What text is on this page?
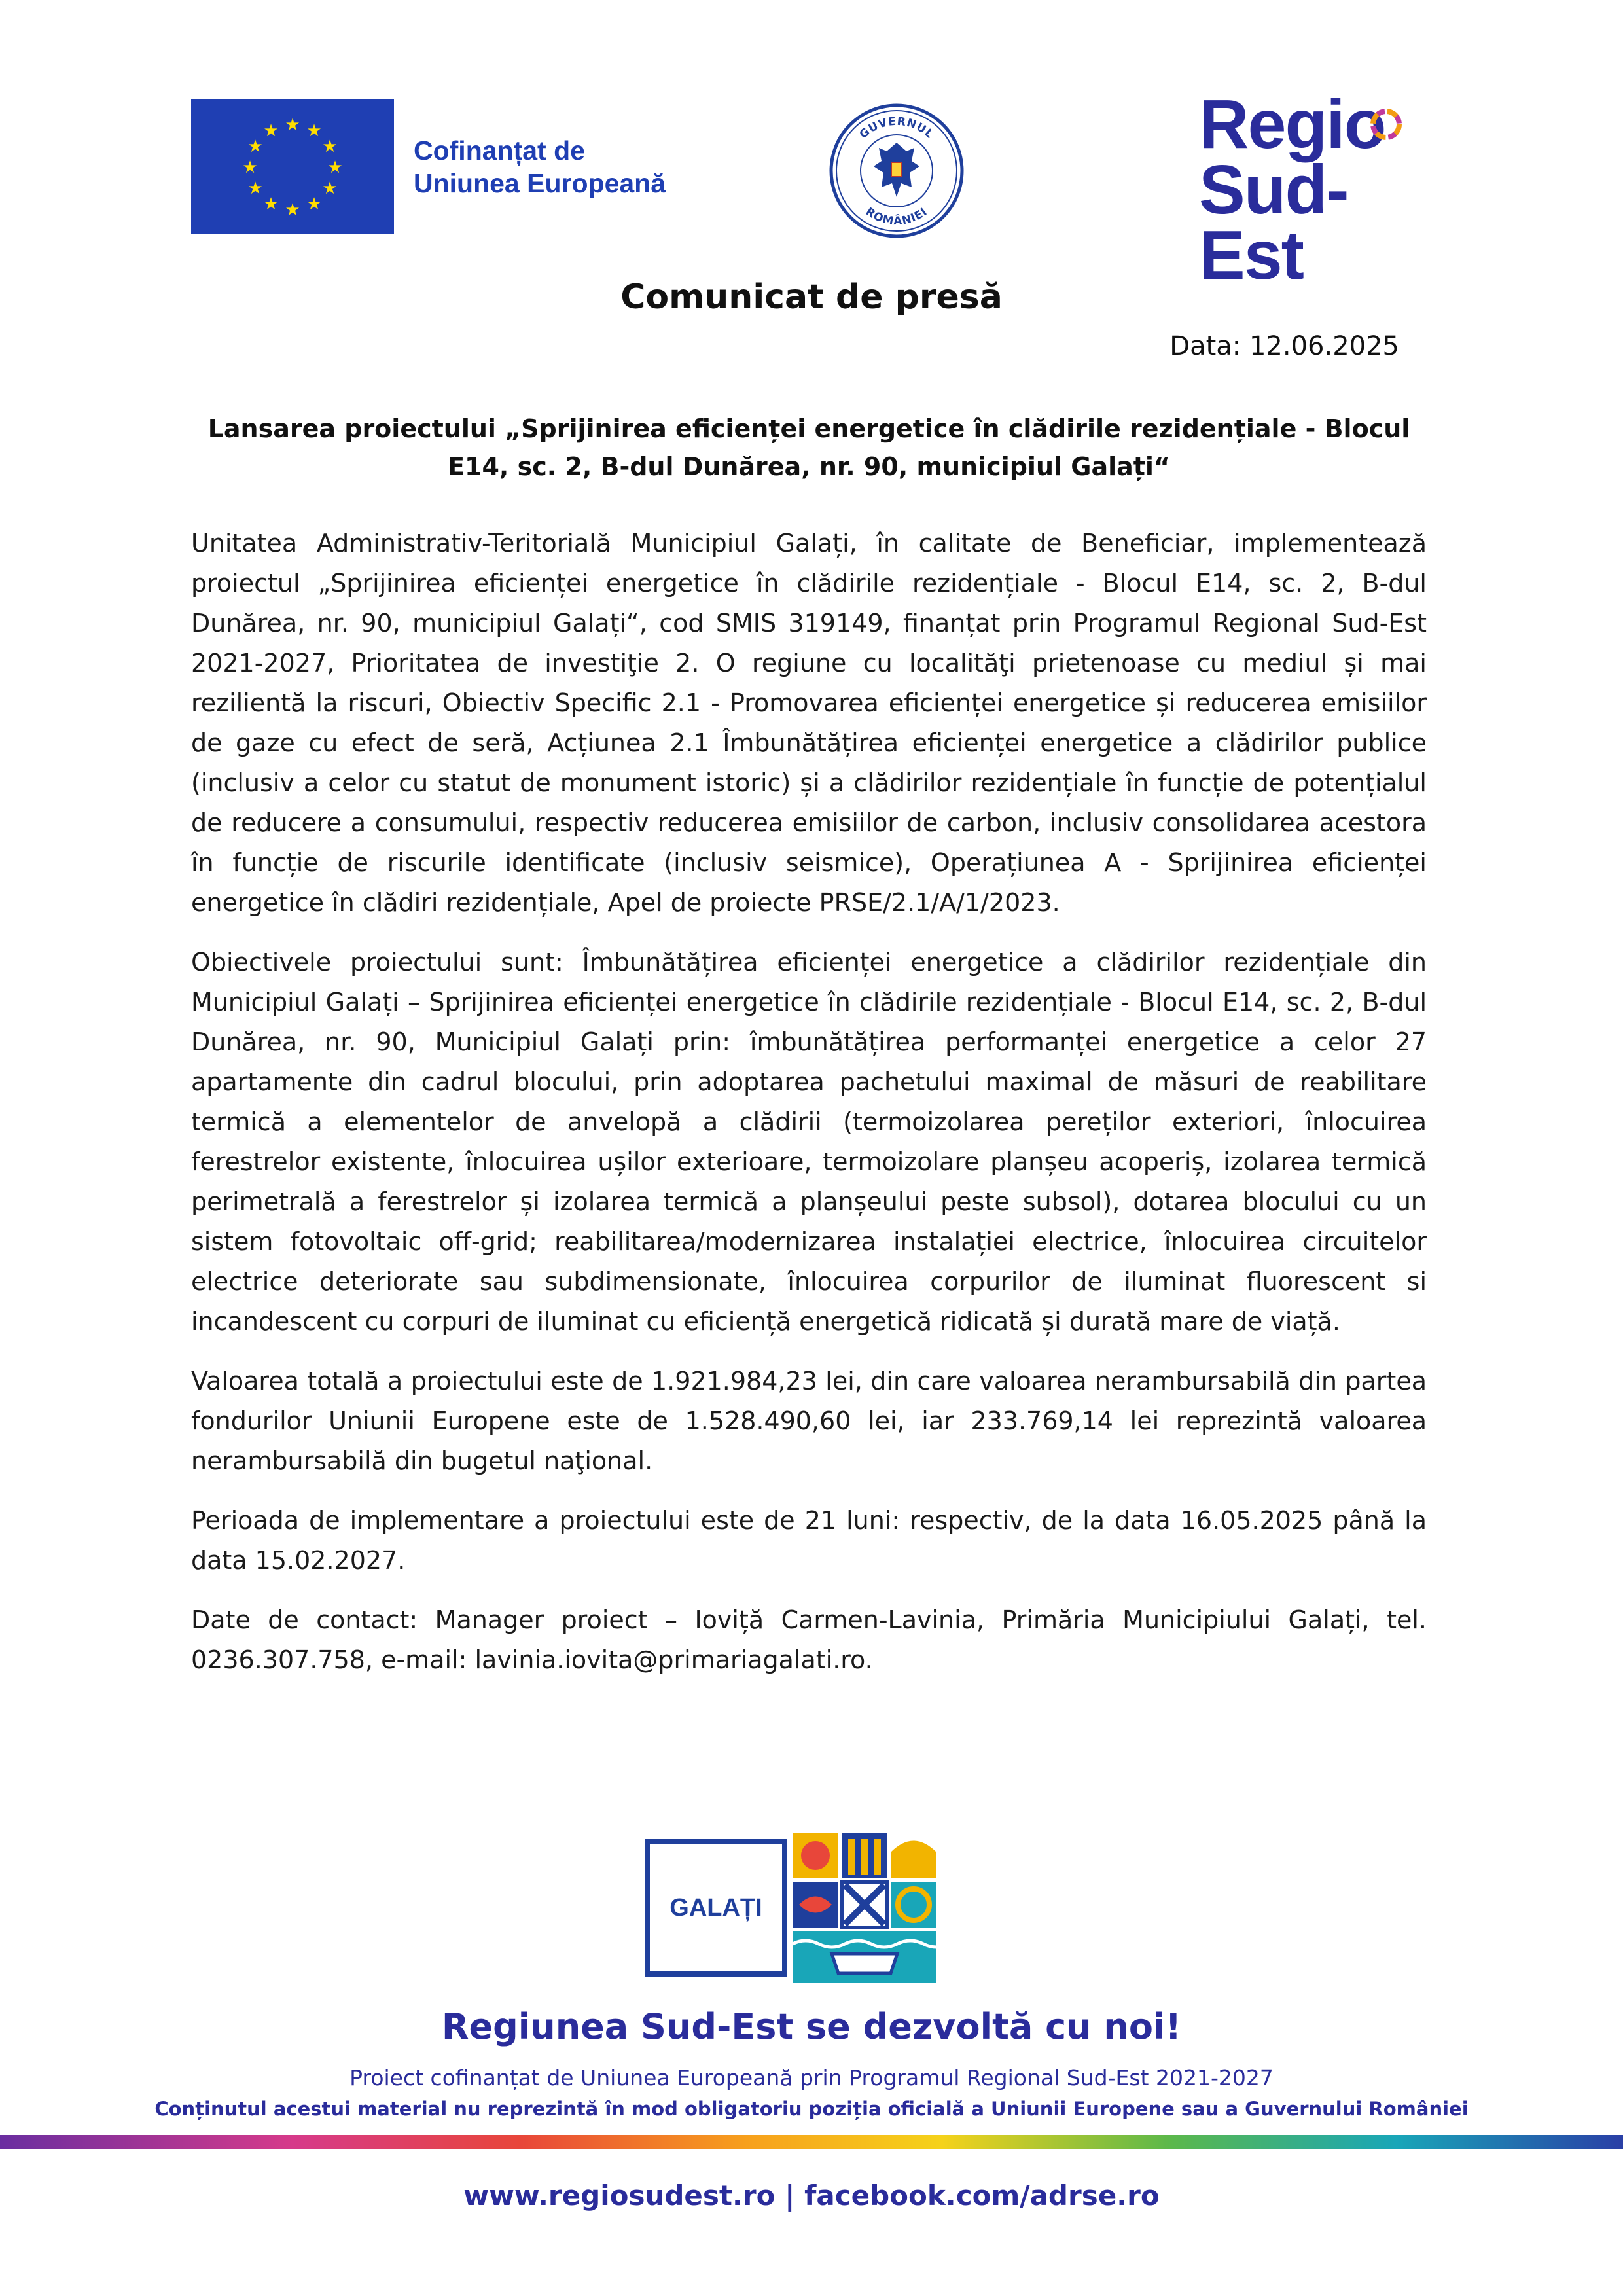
★ ★
★
★
★
★
★
★
★
★
★
★
Cofinanțat de
Uniunea Europeană
GUVERNUL
ROMÂNIEI
Regio
Sud-Est
Comunicat de presă
Data: 12.06.2025
Lansarea proiectului „Sprijinirea eficienței energetice în clădirile rezidențiale - Blocul E14, sc. 2, B-dul Dunărea, nr. 90, municipiul Galați“

Unitatea Administrativ-Teritorială Municipiul Galați, în calitate de Beneficiar, implementează proiectul „Sprijinirea eficienței energetice în clădirile rezidențiale - Blocul E14, sc. 2, B-dul Dunărea, nr. 90, municipiul Galați“, cod SMIS 319149, finanțat prin Programul Regional Sud-Est 2021-2027, Prioritatea de investiţie 2. O regiune cu localităţi prietenoase cu mediul și mai rezilientă la riscuri, Obiectiv Specific 2.1 - Promovarea eficienței energetice și reducerea emisiilor de gaze cu efect de seră, Acțiunea 2.1 Îmbunătățirea eficienței energetice a clădirilor publice (inclusiv a celor cu statut de monument istoric) și a clădirilor rezidențiale în funcție de potențialul de reducere a consumului, respectiv reducerea emisiilor de carbon, inclusiv consolidarea acestora în funcție de riscurile identificate (inclusiv seismice), Operațiunea A - Sprijinirea eficienței energetice în clădiri rezidențiale, Apel de proiecte PRSE/2.1/A/1/2023.

Obiectivele proiectului sunt: Îmbunătățirea eficienței energetice a clădirilor rezidențiale din Municipiul Galați – Sprijinirea eficienței energetice în clădirile rezidențiale - Blocul E14, sc. 2, B-dul Dunărea, nr. 90, Municipiul Galați prin: îmbunătățirea performanței energetice a celor 27 apartamente din cadrul blocului, prin adoptarea pachetului maximal de măsuri de reabilitare termică a elementelor de anvelopă a clădirii (termoizolarea pereților exteriori, înlocuirea ferestrelor existente, înlocuirea ușilor exterioare, termoizolare planșeu acoperiș, izolarea termică perimetrală a ferestrelor și izolarea termică a planșeului peste subsol), dotarea blocului cu un sistem fotovoltaic off-grid; reabilitarea/modernizarea instalației electrice, înlocuirea circuitelor electrice deteriorate sau subdimensionate, înlocuirea corpurilor de iluminat fluorescent si incandescent cu corpuri de iluminat cu eficiență energetică ridicată și durată mare de viață.

Valoarea totală a proiectului este de 1.921.984,23 lei, din care valoarea nerambursabilă din partea fondurilor Uniunii Europene este de 1.528.490,60 lei, iar 233.769,14 lei reprezintă valoarea nerambursabilă din bugetul naţional.

Perioada de implementare a proiectului este de 21 luni: respectiv, de la data 16.05.2025 până la data 15.02.2027.

Date de contact: Manager proiect – Ioviță Carmen-Lavinia, Primăria Municipiului Galați, tel. 0236.307.758, e-mail: lavinia.iovita@primariagalati.ro.

GALAȚI
Regiunea Sud-Est se dezvoltă cu noi!
Proiect cofinanțat de Uniunea Europeană prin Programul Regional Sud-Est 2021-2027
Conținutul acestui material nu reprezintă în mod obligatoriu poziția oficială a Uniunii Europene sau a Guvernului României
www.regiosudest.ro | facebook.com/adrse.ro
